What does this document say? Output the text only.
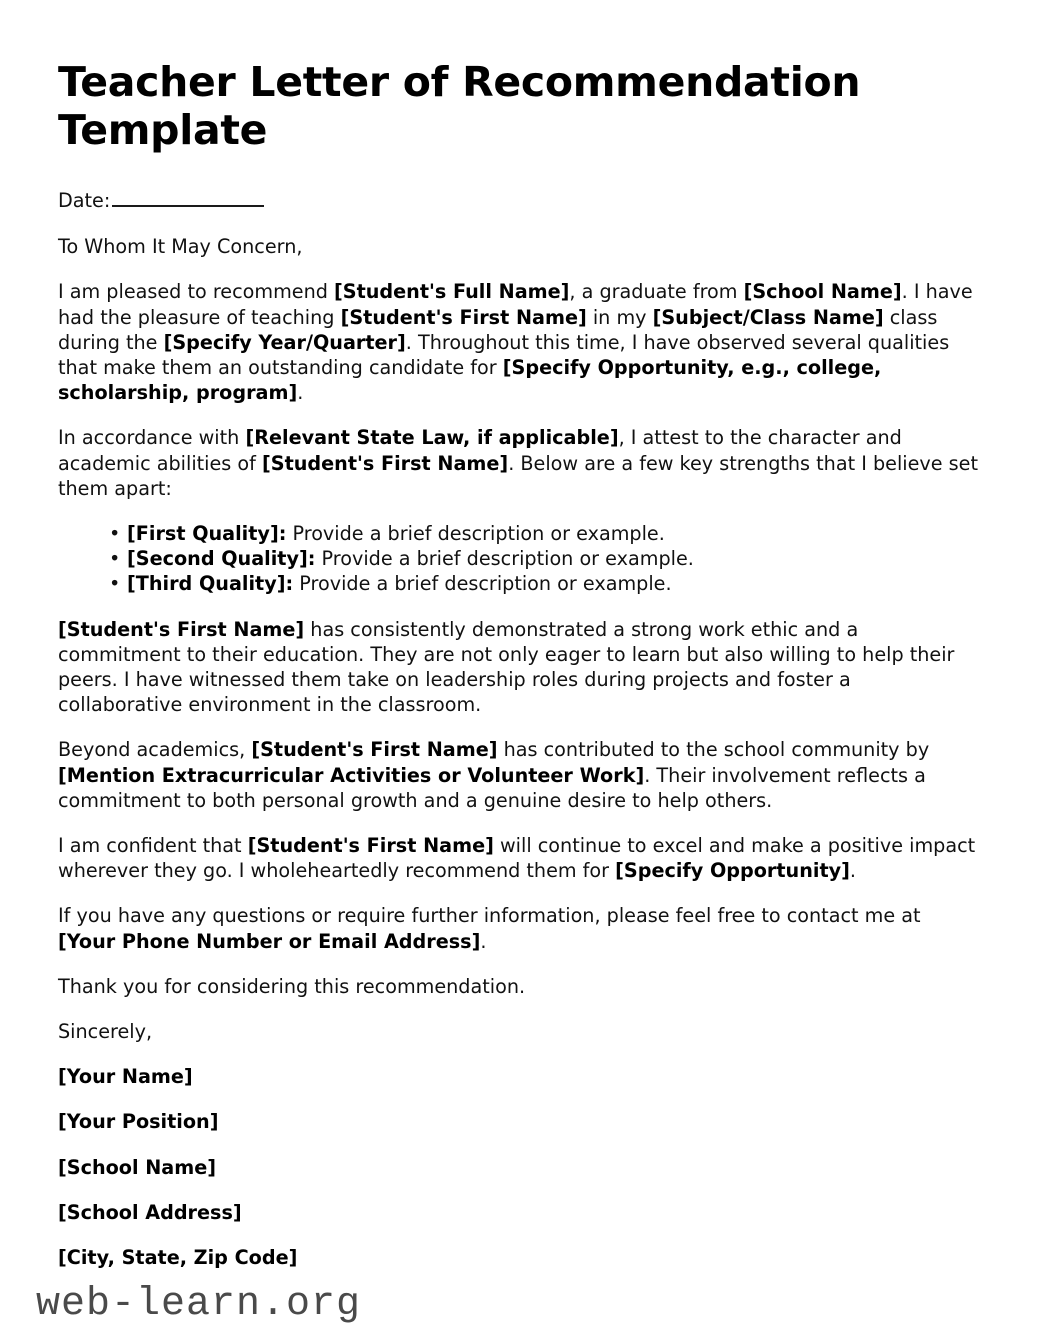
Teacher Letter of Recommendation Template
Date:

To Whom It May Concern,

I am pleased to recommend [Student's Full Name], a graduate from [School Name]. I have had the pleasure of teaching [Student's First Name] in my [Subject/Class Name] class during the [Specify Year/Quarter]. Throughout this time, I have observed several qualities that make them an outstanding candidate for [Specify Opportunity, e.g., college, scholarship, program].

In accordance with [Relevant State Law, if applicable], I attest to the character and academic abilities of [Student's First Name]. Below are a few key strengths that I believe set them apart:

• [First Quality]: Provide a brief description or example.
• [Second Quality]: Provide a brief description or example.
• [Third Quality]: Provide a brief description or example.

[Student's First Name] has consistently demonstrated a strong work ethic and a commitment to their education. They are not only eager to learn but also willing to help their peers. I have witnessed them take on leadership roles during projects and foster a collaborative environment in the classroom.

Beyond academics, [Student's First Name] has contributed to the school community by [Mention Extracurricular Activities or Volunteer Work]. Their involvement reflects a commitment to both personal growth and a genuine desire to help others.

I am confident that [Student's First Name] will continue to excel and make a positive impact wherever they go. I wholeheartedly recommend them for [Specify Opportunity].

If you have any questions or require further information, please feel free to contact me at [Your Phone Number or Email Address].

Thank you for considering this recommendation.

Sincerely,

[Your Name]

[Your Position]

[School Name]

[School Address]

[City, State, Zip Code]

web-learn.org
